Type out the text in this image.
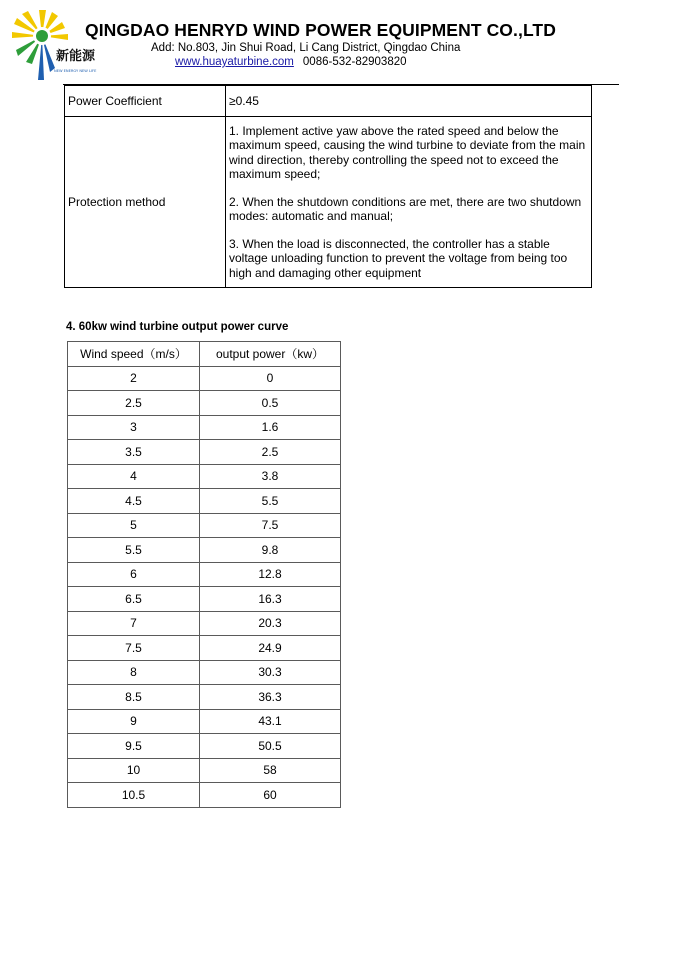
新能源
NEW ENERGY NEW LIFE
QINGDAO HENRYD WIND POWER EQUIPMENT CO.,LTD
Add: No.803, Jin Shui Road, Li Cang District, Qingdao China
www.huayaturbine.com 0086-532-82903820
Power Coefficient	≥0.45
Protection method	1. Implement active yaw above the rated speed and below the maximum speed, causing the wind turbine to deviate from the main wind direction, thereby controlling the speed not to exceed the maximum speed;

2. When the shutdown conditions are met, there are two shutdown modes: automatic and manual;

3. When the load is disconnected, the controller has a stable voltage unloading function to prevent the voltage from being too high and damaging other equipment

4. 60kw wind turbine output power curve
Wind speed（m/s）	output power（kw）
2	0
2.5	0.5
3	1.6
3.5	2.5
4	3.8
4.5	5.5
5	7.5
5.5	9.8
6	12.8
6.5	16.3
7	20.3
7.5	24.9
8	30.3
8.5	36.3
9	43.1
9.5	50.5
10	58
10.5	60
